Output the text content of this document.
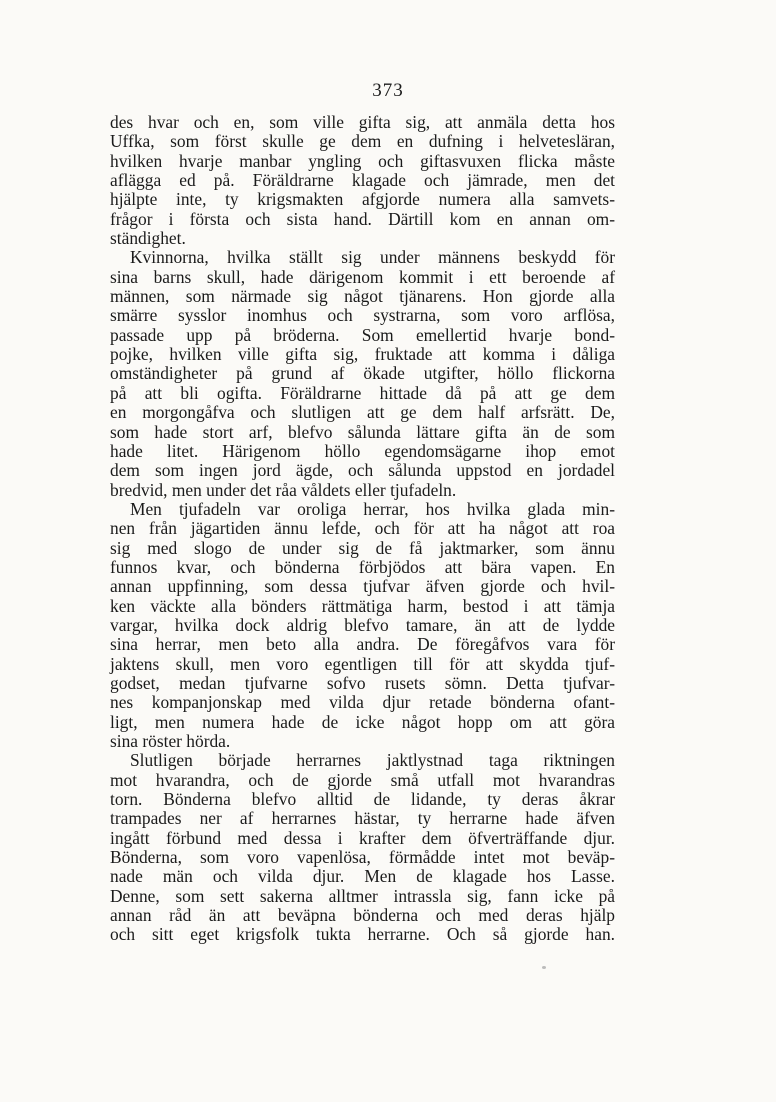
373
des hvar och en, som ville gifta sig, att anmäla detta hos
Uffka, som först skulle ge dem en dufning i helvetesläran,
hvilken hvarje manbar yngling och giftasvuxen flicka måste
aflägga ed på. Föräldrarne klagade och jämrade, men det
hjälpte inte, ty krigsmakten afgjorde numera alla samvets-
frågor i första och sista hand. Därtill kom en annan om-
ständighet.
Kvinnorna, hvilka ställt sig under männens beskydd för
sina barns skull, hade därigenom kommit i ett beroende af
männen, som närmade sig något tjänarens. Hon gjorde alla
smärre sysslor inomhus och systrarna, som voro arflösa,
passade upp på bröderna. Som emellertid hvarje bond-
pojke, hvilken ville gifta sig, fruktade att komma i dåliga
omständigheter på grund af ökade utgifter, höllo flickorna
på att bli ogifta. Föräldrarne hittade då på att ge dem
en morgongåfva och slutligen att ge dem half arfsrätt. De,
som hade stort arf, blefvo sålunda lättare gifta än de som
hade litet. Härigenom höllo egendomsägarne ihop emot
dem som ingen jord ägde, och sålunda uppstod en jordadel
bredvid, men under det råa våldets eller tjufadeln.
Men tjufadeln var oroliga herrar, hos hvilka glada min-
nen från jägartiden ännu lefde, och för att ha något att roa
sig med slogo de under sig de få jaktmarker, som ännu
funnos kvar, och bönderna förbjödos att bära vapen. En
annan uppfinning, som dessa tjufvar äfven gjorde och hvil-
ken väckte alla bönders rättmätiga harm, bestod i att tämja
vargar, hvilka dock aldrig blefvo tamare, än att de lydde
sina herrar, men beto alla andra. De föregåfvos vara för
jaktens skull, men voro egentligen till för att skydda tjuf-
godset, medan tjufvarne sofvo rusets sömn. Detta tjufvar-
nes kompanjonskap med vilda djur retade bönderna ofant-
ligt, men numera hade de icke något hopp om att göra
sina röster hörda.
Slutligen började herrarnes jaktlystnad taga riktningen
mot hvarandra, och de gjorde små utfall mot hvarandras
torn. Bönderna blefvo alltid de lidande, ty deras åkrar
trampades ner af herrarnes hästar, ty herrarne hade äfven
ingått förbund med dessa i krafter dem öfverträffande djur.
Bönderna, som voro vapenlösa, förmådde intet mot beväp-
nade män och vilda djur. Men de klagade hos Lasse.
Denne, som sett sakerna alltmer intrassla sig, fann icke på
annan råd än att beväpna bönderna och med deras hjälp
och sitt eget krigsfolk tukta herrarne. Och så gjorde han.
